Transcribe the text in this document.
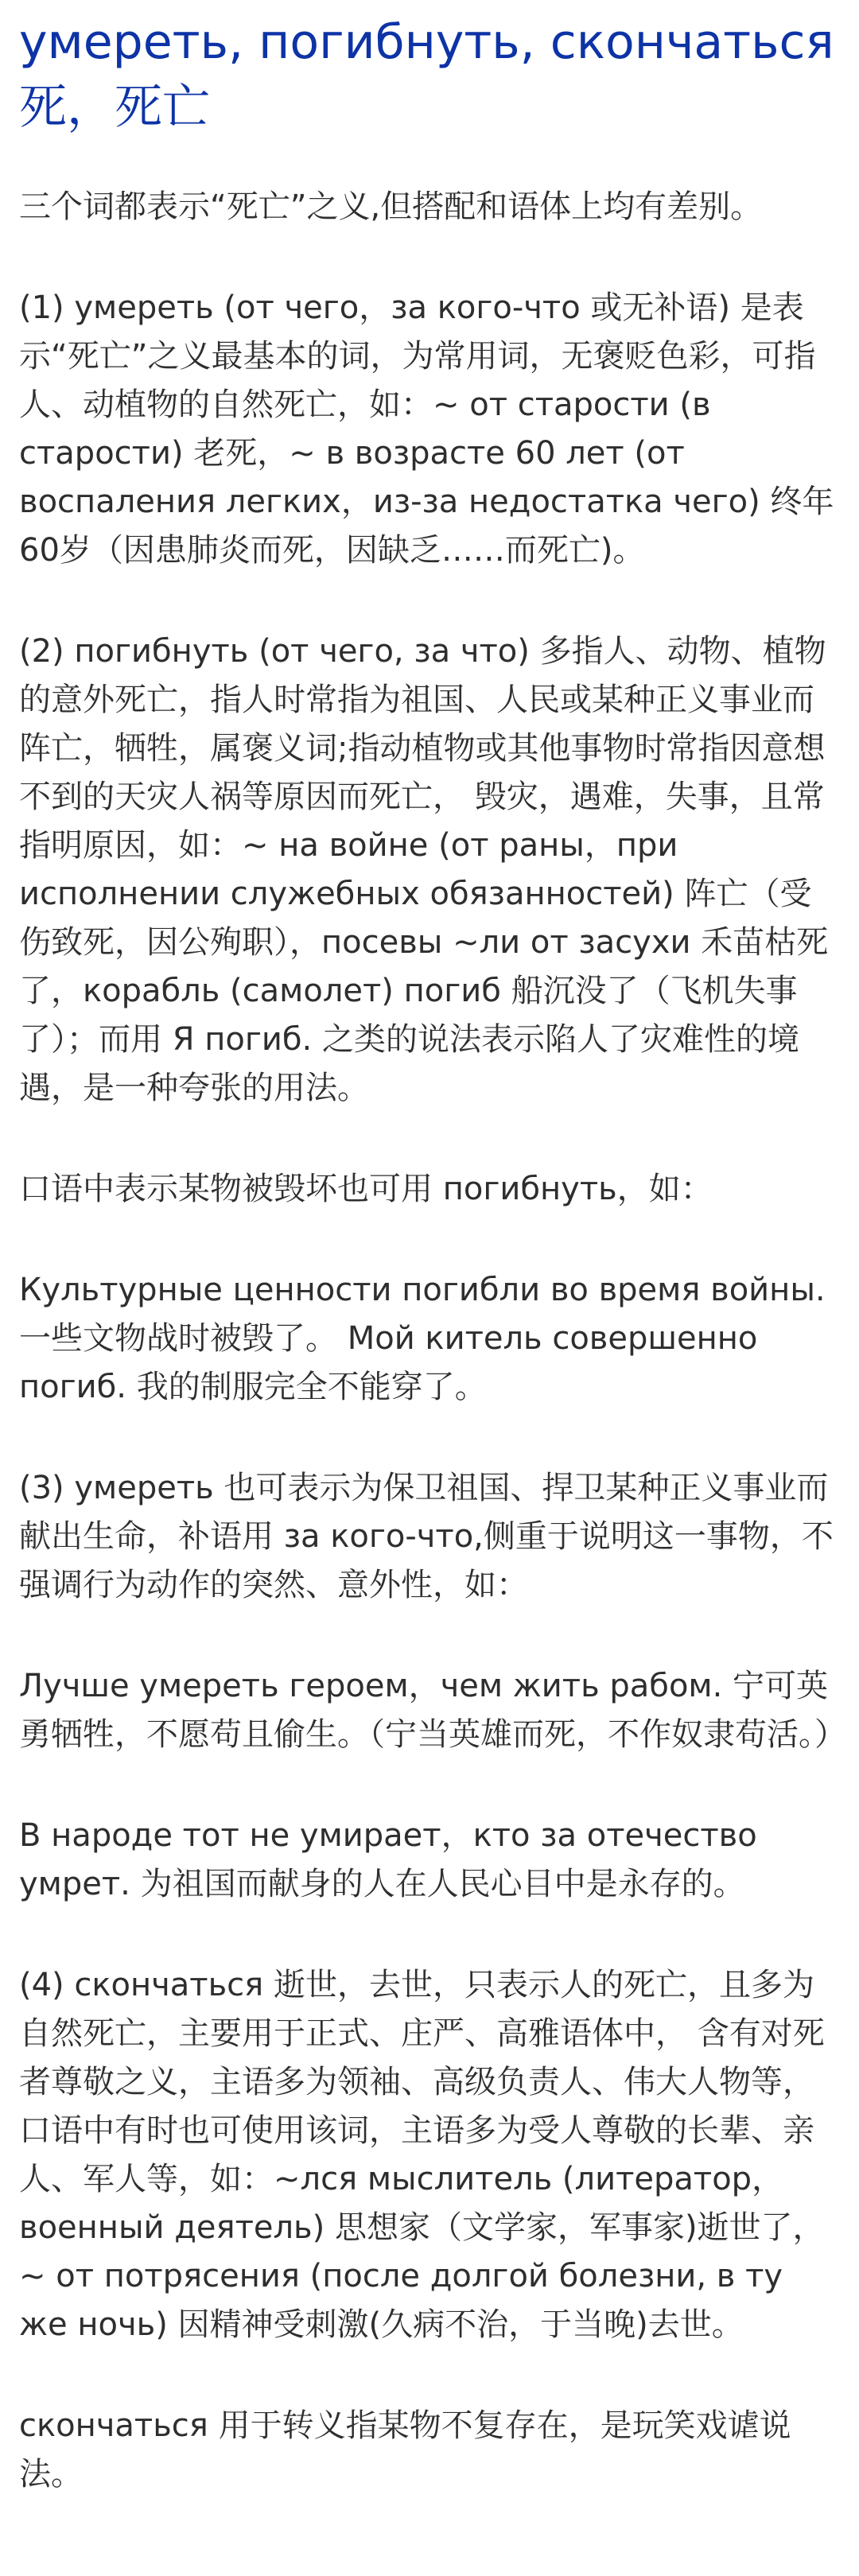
умереть, погибнуть, скончаться
死，死亡

三个词都表示“死亡”之义,但搭配和语体上均有差别。

(1) умереть (от чего，за кого-что 或无补语) 是表示“死亡”之义最基本的词，为常用词，无褒贬色彩，可指人、动植物的自然死亡，如：~ от старости (в старости) 老死，~ в возрасте 60 лет (от воспаления легких，из-за недостатка чего) 终年60岁（因患肺炎而死，因缺乏……而死亡)。

(2) погибнуть (от чего, за что) 多指人、动物、植物的意外死亡，指人时常指为祖国、人民或某种正义事业而阵亡，牺牲，属褒义词;指动植物或其他事物时常指因意想不到的天灾人祸等原因而死亡， 毁灾，遇难，失事，且常指明原因，如：~ на войне (от раны，при исполнении служебных обязанностей) 阵亡（受伤致死，因公殉职），посевы ~ли от засухи 禾苗枯死了，корабль (самолет) погиб 船沉没了（飞机失事了）；而用 Я погиб. 之类的说法表示陷人了灾难性的境遇，是一种夸张的用法。

口语中表示某物被毁坏也可用 погибнуть，如：

Культурные ценности погибли во время войны. 一些文物战时被毁了。 Мой китель совершенно погиб. 我的制服完全不能穿了。

(3) умереть 也可表示为保卫祖国、捍卫某种正义事业而献出生命，补语用 за кого-что,侧重于说明这一事物，不强调行为动作的突然、意外性，如：

Лучше умереть героем，чем жить рабом. 宁可英勇牺牲，不愿苟且偷生。（宁当英雄而死，不作奴隶苟活。）

В народе тот не умирает，кто за отечество умрет. 为祖国而献身的人在人民心目中是永存的。

(4) скончаться 逝世，去世，只表示人的死亡，且多为自然死亡，主要用于正式、庄严、高雅语体中， 含有对死者尊敬之义，主语多为领袖、高级负责人、伟大人物等，口语中有时也可使用该词，主语多为受人尊敬的长辈、亲人、军人等，如：~лся мыслитель (литератор，военный деятель) 思想家（文学家，军事家)逝世了，~ от потрясения (после долгой болезни, в ту же ночь) 因精神受刺激(久病不治，于当晚)去世。

скончаться 用于转义指某物不复存在，是玩笑戏谑说法。
